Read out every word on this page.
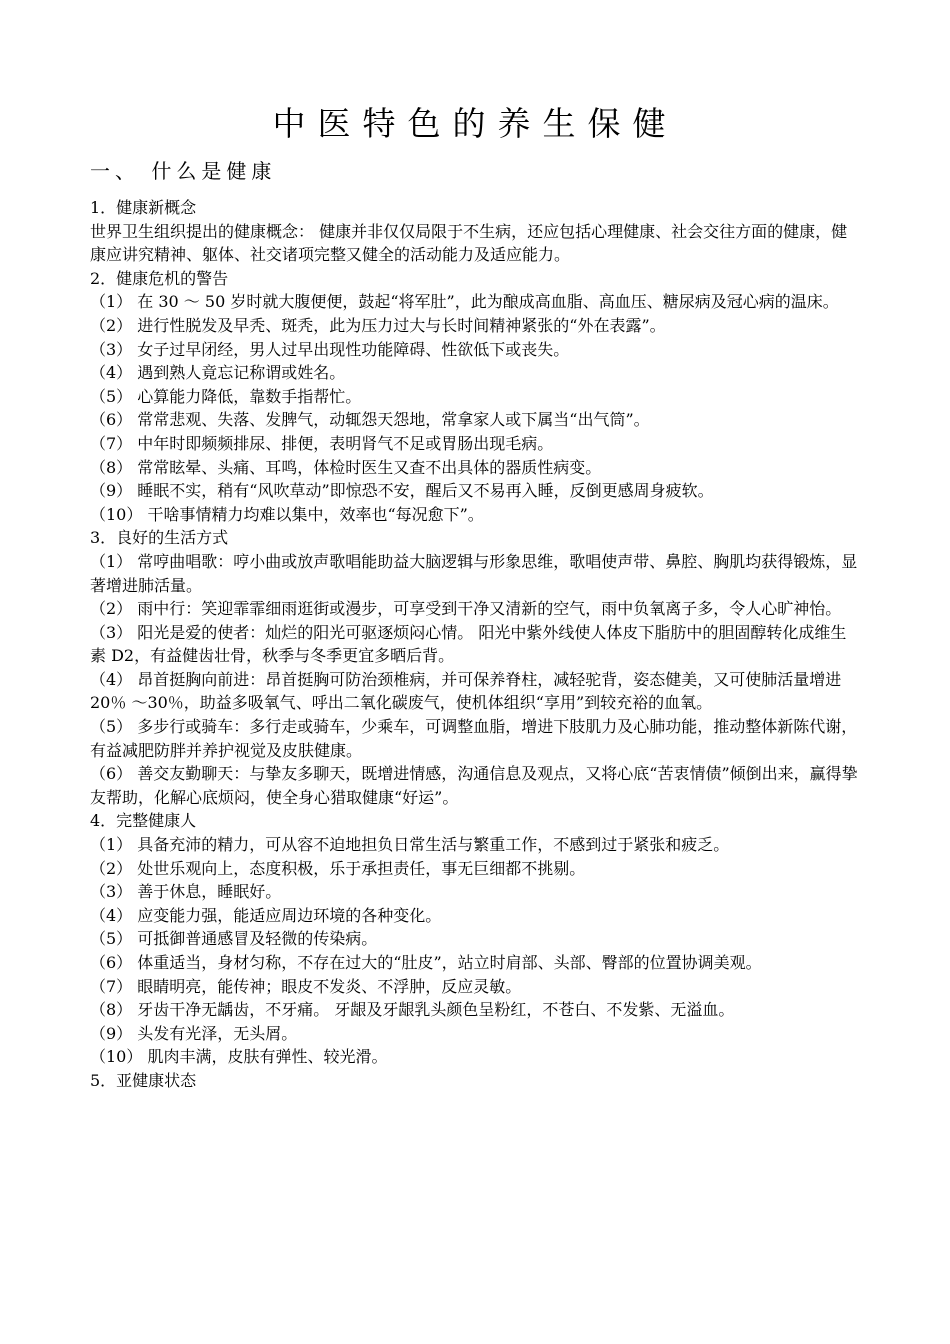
中医特色的养生保健
一、 什么是健康

1．健康新概念

世界卫生组织提出的健康概念： 健康并非仅仅局限于不生病，还应包括心理健康、社会交往方面的健康，健康应讲究精神、躯体、社交诸项完整又健全的活动能力及适应能力。

2．健康危机的警告

（1） 在 30 ～ 50 岁时就大腹便便，鼓起“将军肚”，此为酿成高血脂、高血压、糖尿病及冠心病的温床。

（2） 进行性脱发及早秃、斑秃，此为压力过大与长时间精神紧张的“外在表露”。

（3） 女子过早闭经，男人过早出现性功能障碍、性欲低下或丧失。

（4） 遇到熟人竟忘记称谓或姓名。

（5） 心算能力降低，靠数手指帮忙。

（6） 常常悲观、失落、发脾气，动辄怨天怨地，常拿家人或下属当“出气筒”。

（7） 中年时即频频排尿、排便，表明肾气不足或胃肠出现毛病。

（8） 常常眩晕、头痛、耳鸣，体检时医生又查不出具体的器质性病变。

（9） 睡眠不实，稍有“风吹草动”即惊恐不安，醒后又不易再入睡，反倒更感周身疲软。

（10） 干啥事情精力均难以集中，效率也“每况愈下”。

3．良好的生活方式

（1） 常哼曲唱歌：哼小曲或放声歌唱能助益大脑逻辑与形象思维，歌唱使声带、鼻腔、胸肌均获得锻炼，显著增进肺活量。

（2） 雨中行：笑迎霏霏细雨逛街或漫步，可享受到干净又清新的空气，雨中负氧离子多，令人心旷神怡。

（3） 阳光是爱的使者：灿烂的阳光可驱逐烦闷心情。 阳光中紫外线使人体皮下脂肪中的胆固醇转化成维生素 D2，有益健齿壮骨，秋季与冬季更宜多晒后背。

（4） 昂首挺胸向前进：昂首挺胸可防治颈椎病，并可保养脊柱，减轻驼背，姿态健美，又可使肺活量增进 20％ ～30％，助益多吸氧气、呼出二氧化碳废气，使机体组织“享用”到较充裕的血氧。

（5） 多步行或骑车：多行走或骑车，少乘车，可调整血脂，增进下肢肌力及心肺功能，推动整体新陈代谢，有益减肥防胖并养护视觉及皮肤健康。

（6） 善交友勤聊天：与挚友多聊天，既增进情感，沟通信息及观点，又将心底“苦衷情债”倾倒出来，赢得挚友帮助，化解心底烦闷，使全身心猎取健康“好运”。

4．完整健康人

（1） 具备充沛的精力，可从容不迫地担负日常生活与繁重工作，不感到过于紧张和疲乏。

（2） 处世乐观向上，态度积极，乐于承担责任，事无巨细都不挑剔。

（3） 善于休息，睡眠好。

（4） 应变能力强，能适应周边环境的各种变化。

（5） 可抵御普通感冒及轻微的传染病。

（6） 体重适当，身材匀称，不存在过大的“肚皮”，站立时肩部、头部、臀部的位置协调美观。

（7） 眼睛明亮，能传神；眼皮不发炎、不浮肿，反应灵敏。

（8） 牙齿干净无龋齿，不牙痛。 牙龈及牙龈乳头颜色呈粉红，不苍白、不发紫、无溢血。

（9） 头发有光泽，无头屑。

（10） 肌肉丰满，皮肤有弹性、较光滑。

5．亚健康状态
